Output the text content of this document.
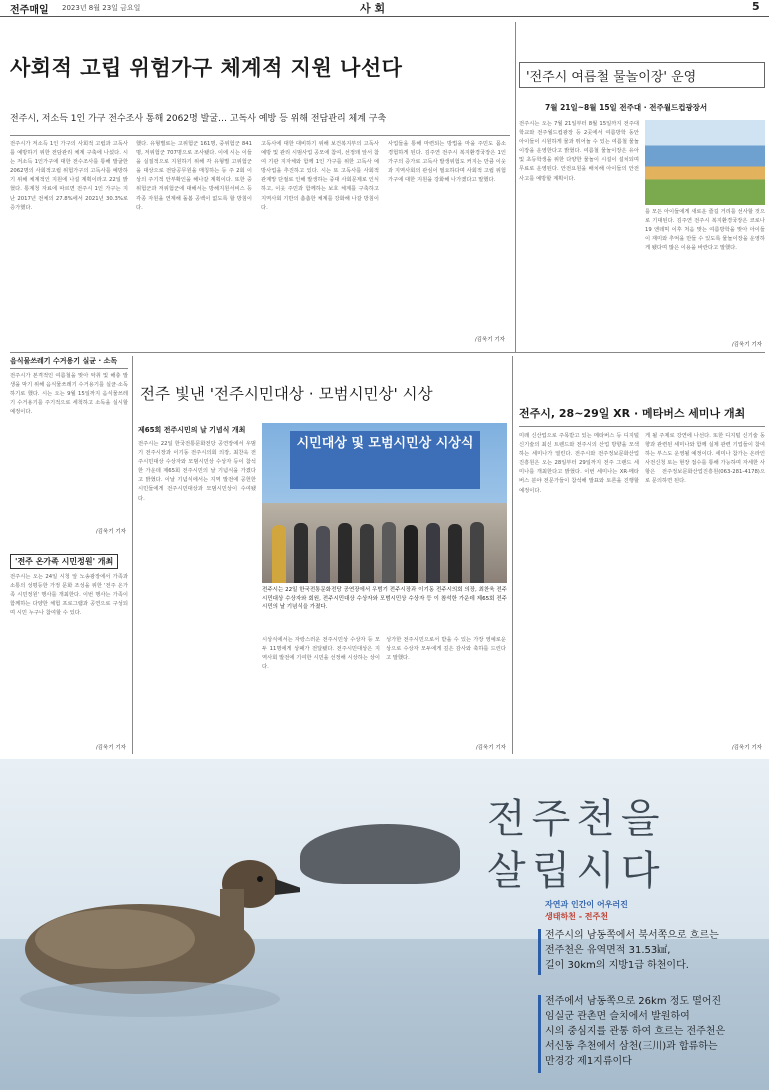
전주매일 2023년 8월 23일 금요일	사 회	5
사회적 고립 위험가구 체계적 지원 나선다
전주시, 저소득 1인 가구 전수조사 통해 2062명 발굴… 고독사 예방 등 위해 전담관리 체계 구축
전주시가 저소득 1인 가구의 사회적 고립과 고독사를 예방하기 위한 전담관리 체계 구축에 나섰다. 시는 저소득 1인가구에 대한 전수조사를 통해 발굴한 2062명의 사회적고립 위험가구의 고독사를 예방하기 위해 체계적인 지원에 나설 계획이라고 22일 밝혔다. 통계청 자료에 따르면 전주시 1인 가구는 지난 2017년 전체의 27.8%에서 2021년 30.3%로 증가했다.
했다. 유형별로는 고위험군 161명, 중위험군 841명, 저위험군 707명으로 조사됐다. 이에 시는 이들을 실질적으로 지원하기 위해 각 유형별 고위험군을 대상으로 전담공무원을 매칭하는 등 주 2회 이상의 주기적 안부확인을 해나갈 계획이다. 또한 중위험군과 저위험군에 대해서는 방해지원서비스 등 각종 자원을 연계해 돌봄 공백이 없도록 할 방침이다.
고독사에 대한 대비하기 위해 보건복지부의 고독사 예방 및 관리 시범사업 공모에 참여, 선정돼 앞서 참여 기관 지자체와 함께 1인 가구를 위한 고독사 예방사업을 추진하고 있다. 시는 또 고독사를 사회적 관계망 단절로 인해 발생하는 중대 사회문제로 인식하고, 이웃 주민과 함께하는 보호 체계를 구축하고 지역사회 기반의 촘촘한 체계를 강화해 나갈 방침이다.
사업들을 통해 마련되는 방법을 마을 주민도 몸소 경험하게 된다. 김주연 전주시 복지환경국장은 1인 가구의 증가로 고독사 발생위험도 커지는 만큼 이웃과 지역사회의 관심이 필요하다며 사회적 고립 위험가구에 대한 지원을 강화해 나가겠다고 말했다.
/김욱기 기자
'전주시 여름철 물놀이장' 운영
7월 21일~8월 15일 전주대 · 전주월드컵광장서
전주시는 오는 7월 21일부터 8월 15일까지 전주대학교와 전주월드컵광장 등 2곳에서 여름방학 동안 아이들이 시원하게 물과 뛰어놀 수 있는 여름철 물놀이장을 운영한다고 밝혔다. 여름철 물놀이장은 유아 및 초등학생을 위한 다양한 물놀이 시설이 설치되며 무료로 운영된다. 안전요원을 배치해 아이들의 안전사고를 예방할 계획이다.
를 모든 아이들에게 새로운 즐길 거리를 선사할 것으로 기대된다. 김주연 전주시 복지환경국장은 코로나19 엔데믹 이후 처음 맞는 여름방학을 맞아 아이들이 재미와 추억을 만들 수 있도록 물놀이장을 운영하게 됐다며 많은 이용을 바란다고 말했다.
/김욱기 기자
음식물쓰레기 수거용기 실균 · 소독
전주시가 본격적인 여름철을 맞아 악취 및 해충 발생을 막기 위해 음식물쓰레기 수거용기를 실균·소독하기로 했다. 시는 오는 9월 15일까지 음식물쓰레기 수거용기를 주기적으로 세척하고 소독을 실시할 예정이다.
/김욱기 기자
'전주 온가족 시민정원' 개최
전주시는 오는 24일 시청 앞 노송광장에서 가족과 소통의 성평등한 가정 문화 조성을 위한 '전주 온가족 시민정원' 행사를 개최한다. 이번 행사는 가족이 함께하는 다양한 체험 프로그램과 공연으로 구성되며 시민 누구나 참여할 수 있다.
/김욱기 기자
전주 빛낸 '전주시민대상 · 모범시민상' 시상
제65회 전주시민의 날 기념식 개최
전주시는 22일 한국전통문화전당 공연장에서 우범기 전주시장과 이기동 전주시의회 의장, 최찬욱 전주시민대상 수상자와 모범시민상 수상자 등이 참석한 가운데 제65회 전주시민의 날 기념식을 가졌다고 밝혔다. 이날 기념식에서는 지역 발전에 공헌한 시민들에게 전주시민대상과 모범시민상이 수여됐다.
시민대상 및 모범시민상 시상식
전주시는 22일 한국전통문화전당 공연장에서 우범기 전주시장과 이기동 전주시의회 의장, 최찬욱 전주시민대상 수상자와 회원, 전주시민대상 수상자와 모범시민상 수상자 등 이 참석한 가운데 제65회 전주시민의 날 기념식을 가졌다.
시상식에서는 자랑스러운 전주시민상 수상자 등 모두 11명에게 상패가 전달됐다. 전주시민대상은 지역사회 발전에 기여한 시민을 선정해 시상하는 상이다.
성가한 전주시민으로서 받을 수 있는 가장 영예로운 상으로 수상자 모두에게 깊은 감사와 축하를 드린다고 말했다.
/김욱기 기자
전주시, 28~29일 XR · 메타버스 세미나 개최
미래 신산업으로 주목받고 있는 메타버스 등 디지털 신기술의 최신 트렌드와 전주시의 산업 방향을 모색하는 세미나가 열린다. 전주시와 전주정보문화산업진흥원은 오는 28일부터 29일까지 전주 그랜드 세미나를 개최한다고 밝혔다. 이번 세미나는 XR·메타버스 분야 전문가들이 참석해 발표와 토론을 진행할 예정이다.
게 될 주제로 강연에 나선다. 또한 디지털 신기술 동향과 관련된 세미나와 함께 실제 관련 기업들이 참여하는 부스도 운영될 예정이다. 세미나 참가는 온라인 사전신청 또는 현장 접수를 통해 가능하며 자세한 사항은 전주정보문화산업진흥원(063-281-4178)으로 문의하면 된다.
/김욱기 기자
전주천을
살립시다
자연과 인간이 어우러진
생태하천 - 전주천
전주시의 남동쪽에서 북서쪽으로 흐르는
전주천은 유역면적 31.53㎢,
길이 30km의 지방1급 하천이다.
전주에서 남동쪽으로 26km 정도 떨어진
임실군 관촌면 슬치에서 발원하여
시의 중심지를 관통 하여 흐르는 전주천은
서신동 추천에서 삼천(三川)과 합류하는
만경강 제1지류이다
